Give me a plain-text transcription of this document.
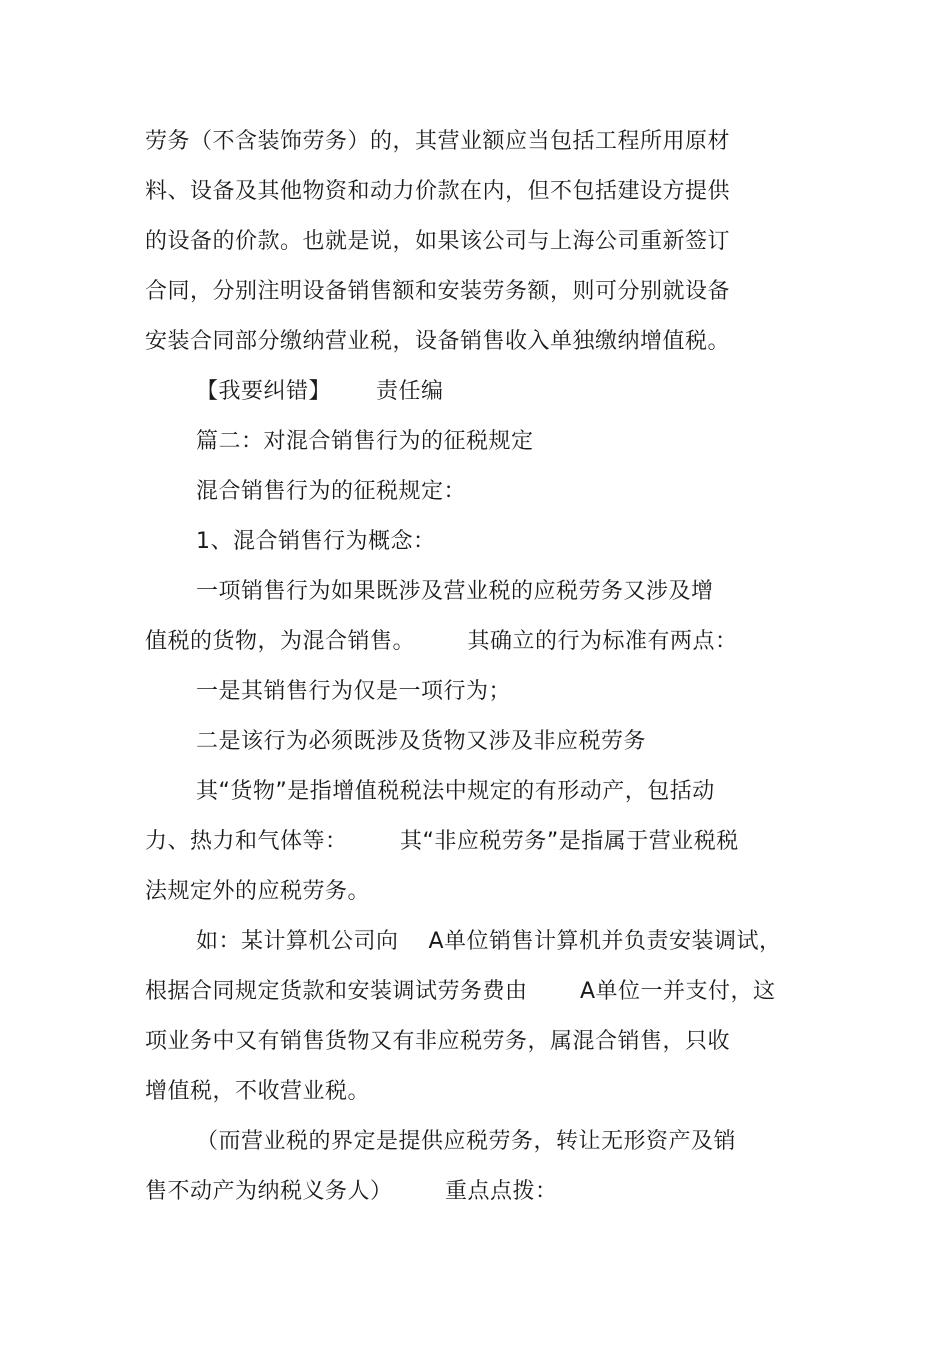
劳务（不含装饰劳务）的，其营业额应当包括工程所用原材
料、设备及其他物资和动力价款在内，但不包括建设方提供
的设备的价款。也就是说，如果该公司与上海公司重新签订
合同，分别注明设备销售额和安装劳务额，则可分别就设备
安装合同部分缴纳营业税，设备销售收入单独缴纳增值税。
【我要纠错】      责任编
篇二：对混合销售行为的征税规定
混合销售行为的征税规定：
1、混合销售行为概念：
一项销售行为如果既涉及营业税的应税劳务又涉及增
值税的货物，为混合销售。       其确立的行为标准有两点：
一是其销售行为仅是一项行为；
二是该行为必须既涉及货物又涉及非应税劳务
其“货物”是指增值税税法中规定的有形动产，包括动
力、热力和气体等：       其“非应税劳务”是指属于营业税税
法规定外的应税劳务。
如：某计算机公司向    A单位销售计算机并负责安装调试，
根据合同规定货款和安装调试劳务费由       A单位一并支付，这
项业务中又有销售货物又有非应税劳务，属混合销售，只收
增值税，不收营业税。
（而营业税的界定是提供应税劳务，转让无形资产及销
售不动产为纳税义务人）       重点点拨：
